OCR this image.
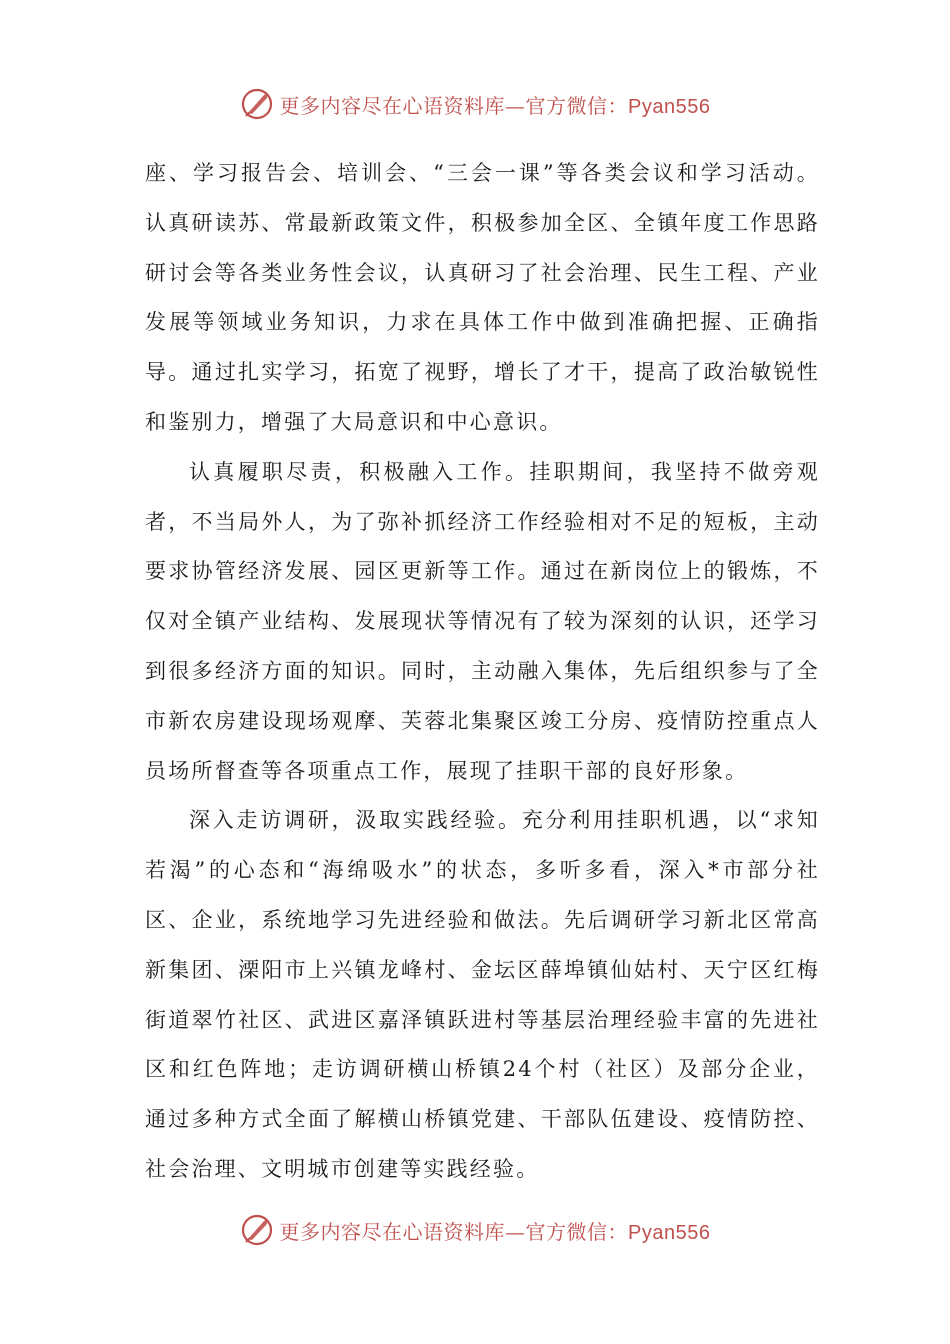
更多内容尽在心语资料库—官方微信：Pyan556

座、学习报告会、培训会、“三会一课”等各类会议和学习活动。认真研读苏、常最新政策文件，积极参加全区、全镇年度工作思路研讨会等各类业务性会议，认真研习了社会治理、民生工程、产业发展等领域业务知识，力求在具体工作中做到准确把握、正确指导。通过扎实学习，拓宽了视野，增长了才干，提高了政治敏锐性和鉴别力，增强了大局意识和中心意识。

认真履职尽责，积极融入工作。挂职期间，我坚持不做旁观者，不当局外人，为了弥补抓经济工作经验相对不足的短板，主动要求协管经济发展、园区更新等工作。通过在新岗位上的锻炼，不仅对全镇产业结构、发展现状等情况有了较为深刻的认识，还学习到很多经济方面的知识。同时，主动融入集体，先后组织参与了全市新农房建设现场观摩、芙蓉北集聚区竣工分房、疫情防控重点人员场所督查等各项重点工作，展现了挂职干部的良好形象。

深入走访调研，汲取实践经验。充分利用挂职机遇，以“求知若渴”的心态和“海绵吸水”的状态，多听多看，深入*市部分社区、企业，系统地学习先进经验和做法。先后调研学习新北区常高新集团、溧阳市上兴镇龙峰村、金坛区薛埠镇仙姑村、天宁区红梅街道翠竹社区、武进区嘉泽镇跃进村等基层治理经验丰富的先进社区和红色阵地；走访调研横山桥镇24个村（社区）及部分企业，通过多种方式全面了解横山桥镇党建、干部队伍建设、疫情防控、社会治理、文明城市创建等实践经验。

更多内容尽在心语资料库—官方微信：Pyan556
